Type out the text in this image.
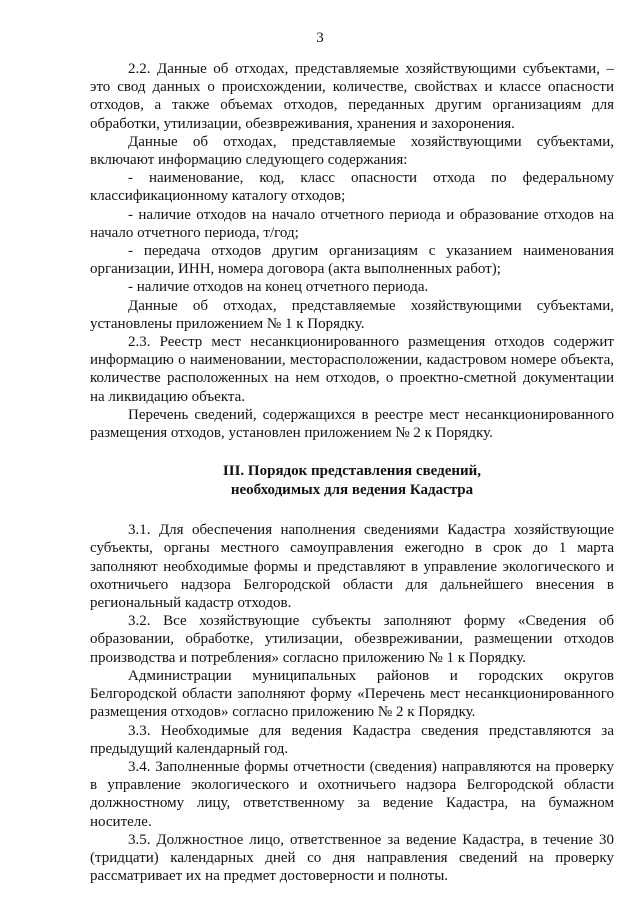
3

2.2. Данные об отходах, представляемые хозяйствующими субъектами, – это свод данных о происхождении, количестве, свойствах и классе опасности отходов, а также объемах отходов, переданных другим организациям для обработки, утилизации, обезвреживания, хранения и захоронения.

Данные об отходах, представляемые хозяйствующими субъектами, включают информацию следующего содержания:

- наименование, код, класс опасности отхода по федеральному классификационному каталогу отходов;

- наличие отходов на начало отчетного периода и образование отходов на начало отчетного периода, т/год;

- передача отходов другим организациям с указанием наименования организации, ИНН, номера договора (акта выполненных работ);

- наличие отходов на конец отчетного периода.

Данные об отходах, представляемые хозяйствующими субъектами, установлены приложением № 1 к Порядку.

2.3. Реестр мест несанкционированного размещения отходов содержит информацию о наименовании, месторасположении, кадастровом номере объекта, количестве расположенных на нем отходов, о проектно-сметной документации на ликвидацию объекта.

Перечень сведений, содержащихся в реестре мест несанкционированного размещения отходов, установлен приложением № 2 к Порядку.

III. Порядок представления сведений,
необходимых для ведения Кадастра

3.1. Для обеспечения наполнения сведениями Кадастра хозяйствующие субъекты, органы местного самоуправления ежегодно в срок до 1 марта заполняют необходимые формы и представляют в управление экологического и охотничьего надзора Белгородской области для дальнейшего внесения в региональный кадастр отходов.

3.2. Все хозяйствующие субъекты заполняют форму «Сведения об образовании, обработке, утилизации, обезвреживании, размещении отходов производства и потребления» согласно приложению № 1 к Порядку.

Администрации муниципальных районов и городских округов Белгородской области заполняют форму «Перечень мест несанкционированного размещения отходов» согласно приложению № 2 к Порядку.

3.3. Необходимые для ведения Кадастра сведения представляются за предыдущий календарный год.

3.4. Заполненные формы отчетности (сведения) направляются на проверку в управление экологического и охотничьего надзора Белгородской области должностному лицу, ответственному за ведение Кадастра, на бумажном носителе.

3.5. Должностное лицо, ответственное за ведение Кадастра, в течение 30 (тридцати) календарных дней со дня направления сведений на проверку рассматривает их на предмет достоверности и полноты.
